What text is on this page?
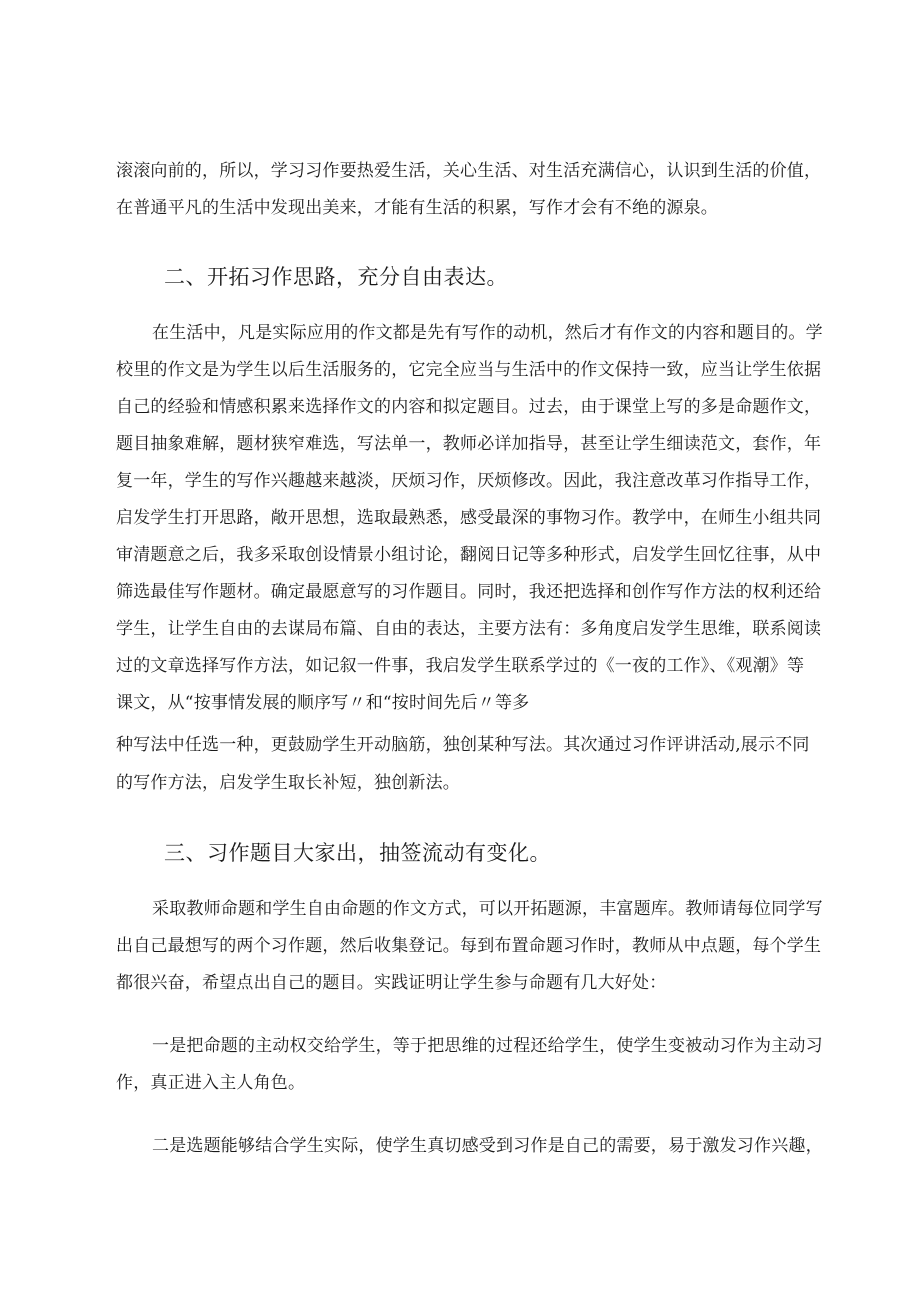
滚滚向前的，所以，学习习作要热爱生活，关心生活、对生活充满信心，认识到生活的价值，
在普通平凡的生活中发现出美来，才能有生活的积累，写作才会有不绝的源泉。
二、开拓习作思路，充分自由表达。
在生活中，凡是实际应用的作文都是先有写作的动机，然后才有作文的内容和题目的。学
校里的作文是为学生以后生活服务的，它完全应当与生活中的作文保持一致，应当让学生依据
自己的经验和情感积累来选择作文的内容和拟定题目。过去，由于课堂上写的多是命题作文，
题目抽象难解，题材狭窄难选，写法单一，教师必详加指导，甚至让学生细读范文，套作，年
复一年，学生的写作兴趣越来越淡，厌烦习作，厌烦修改。因此，我注意改革习作指导工作，
启发学生打开思路，敞开思想，选取最熟悉，感受最深的事物习作。教学中，在师生小组共同
审清题意之后，我多采取创设情景小组讨论，翻阅日记等多种形式，启发学生回忆往事，从中
筛选最佳写作题材。确定最愿意写的习作题目。同时，我还把选择和创作写作方法的权利还给
学生，让学生自由的去谋局布篇、自由的表达，主要方法有：多角度启发学生思维，联系阅读
过的文章选择写作方法，如记叙一件事，我启发学生联系学过的《一夜的工作》、《观潮》等
课文，从“按事情发展的顺序写〃和“按时间先后〃等多
种写法中任选一种，更鼓励学生开动脑筋，独创某种写法。其次通过习作评讲活动,展示不同
的写作方法，启发学生取长补短，独创新法。
三、习作题目大家出，抽签流动有变化。
采取教师命题和学生自由命题的作文方式，可以开拓题源，丰富题库。教师请每位同学写
出自己最想写的两个习作题，然后收集登记。每到布置命题习作时，教师从中点题，每个学生
都很兴奋，希望点出自己的题目。实践证明让学生参与命题有几大好处：
一是把命题的主动权交给学生，等于把思维的过程还给学生，使学生变被动习作为主动习
作，真正进入主人角色。
二是选题能够结合学生实际，使学生真切感受到习作是自己的需要，易于激发习作兴趣，
